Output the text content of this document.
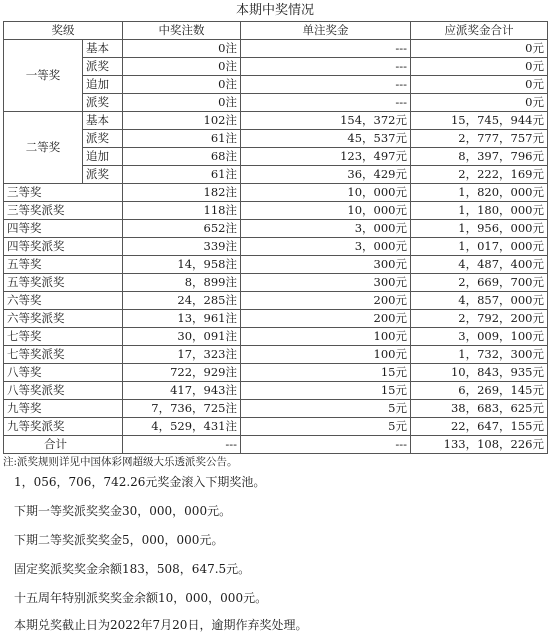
本期中奖情况
奖级		中奖注数	单注奖金	应派奖金合计
一等奖	基本	0注	---	0元
	派奖	0注	---	0元
	追加	0注	---	0元
	派奖	0注	---	0元
二等奖	基本	102注	154，372元	15，745，944元
	派奖	61注	45，537元	2，777，757元
	追加	68注	123，497元	8，397，796元
	派奖	61注	36，429元	2，222，169元
三等奖		182注	10，000元	1，820，000元
三等奖派奖		118注	10，000元	1，180，000元
四等奖		652注	3，000元	1，956，000元
四等奖派奖		339注	3，000元	1，017，000元
五等奖		14，958注	300元	4，487，400元
五等奖派奖		8，899注	300元	2，669，700元
六等奖		24，285注	200元	4，857，000元
六等奖派奖		13，961注	200元	2，792，200元
七等奖		30，091注	100元	3，009，100元
七等奖派奖		17，323注	100元	1，732，300元
八等奖		722，929注	15元	10，843，935元
八等奖派奖		417，943注	15元	6，269，145元
九等奖		7，736，725注	5元	38，683，625元
九等奖派奖		4，529，431注	5元	22，647，155元
合计		---	---	133，108，226元
注:派奖规则详见中国体彩网超级大乐透派奖公告。
1，056，706，742.26元奖金滚入下期奖池。
下期一等奖派奖奖金30，000，000元。
下期二等奖派奖奖金5，000，000元。
固定奖派奖奖金余额183，508，647.5元。
十五周年特别派奖奖金余额10，000，000元。
本期兑奖截止日为2022年7月20日，逾期作弃奖处理。
